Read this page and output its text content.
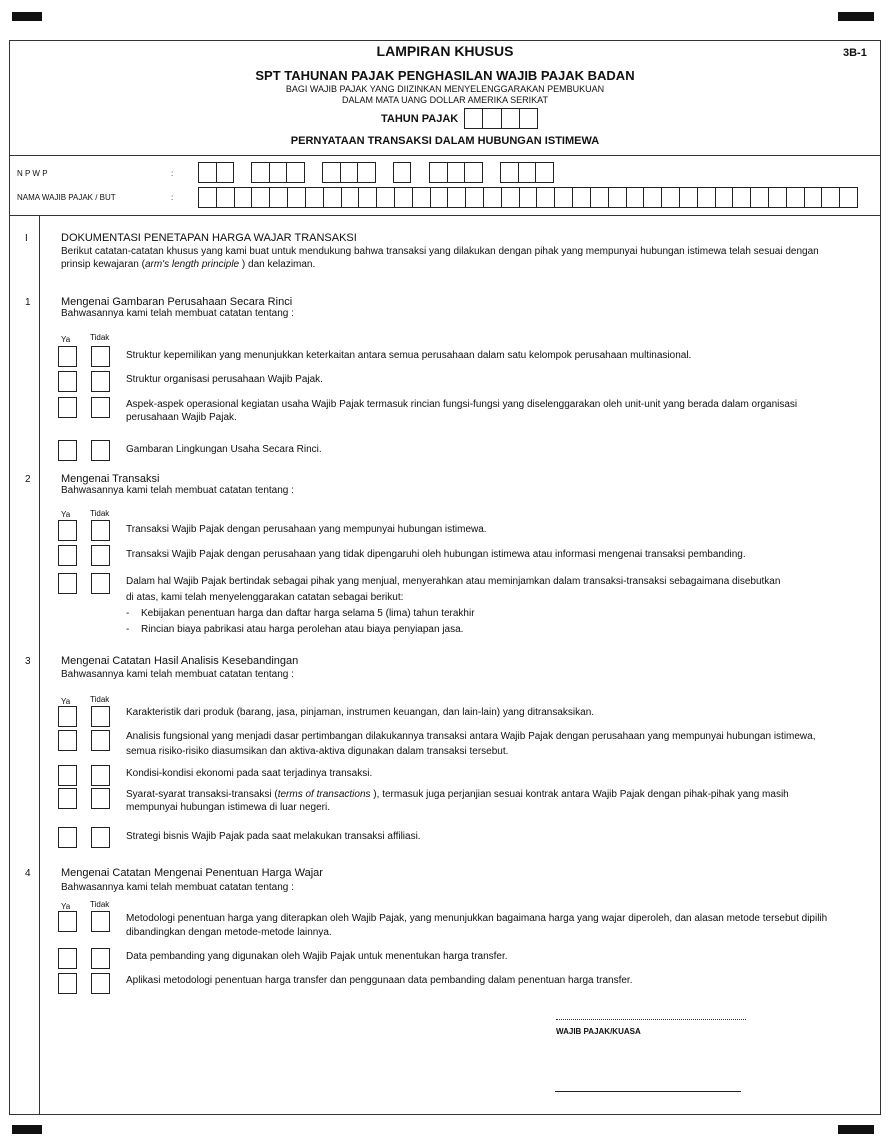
LAMPIRAN KHUSUS	3B-1
SPT TAHUNAN PAJAK PENGHASILAN WAJIB PAJAK BADAN
BAGI WAJIB PAJAK YANG DIIZINKAN MENYELENGGARAKAN PEMBUKUAN
DALAM MATA UANG DOLLAR AMERIKA SERIKAT
TAHUN PAJAK
PERNYATAAN TRANSAKSI DALAM HUBUNGAN ISTIMEWA
N P W P	:
NAMA WAJIB PAJAK / BUT	:
I	DOKUMENTASI PENETAPAN HARGA WAJAR TRANSAKSI
Berikut catatan-catatan khusus yang kami buat untuk mendukung bahwa transaksi yang dilakukan dengan pihak yang mempunyai hubungan istimewa telah sesuai dengan
prinsip kewajaran (arm's length principle ) dan kelaziman.
1	Mengenai Gambaran Perusahaan Secara Rinci
Bahwasannya kami telah membuat catatan tentang :
Ya Tidak
Struktur kepemilikan yang menunjukkan keterkaitan antara semua perusahaan dalam satu kelompok perusahaan multinasional.
Struktur organisasi perusahaan Wajib Pajak.
Aspek-aspek operasional kegiatan usaha Wajib Pajak termasuk rincian fungsi-fungsi yang diselenggarakan oleh unit-unit yang berada dalam organisasi
perusahaan Wajib Pajak.
Gambaran Lingkungan Usaha Secara Rinci.
2	Mengenai Transaksi
Bahwasannya kami telah membuat catatan tentang :
Ya Tidak
Transaksi Wajib Pajak dengan perusahaan yang mempunyai hubungan istimewa.
Transaksi Wajib Pajak dengan perusahaan yang tidak dipengaruhi oleh hubungan istimewa atau informasi mengenai transaksi pembanding.
Dalam hal Wajib Pajak bertindak sebagai pihak yang menjual, menyerahkan atau meminjamkan dalam transaksi-transaksi sebagaimana disebutkan
di atas, kami telah menyelenggarakan catatan sebagai berikut:
- Kebijakan penentuan harga dan daftar harga selama 5 (lima) tahun terakhir
- Rincian biaya pabrikasi atau harga perolehan atau biaya penyiapan jasa.
3	Mengenai Catatan Hasil Analisis Kesebandingan
Bahwasannya kami telah membuat catatan tentang :
Ya Tidak
Karakteristik dari produk (barang, jasa, pinjaman, instrumen keuangan, dan lain-lain) yang ditransaksikan.
Analisis fungsional yang menjadi dasar pertimbangan dilakukannya transaksi antara Wajib Pajak dengan perusahaan yang mempunyai hubungan istimewa,
semua risiko-risiko diasumsikan dan aktiva-aktiva digunakan dalam transaksi tersebut.
Kondisi-kondisi ekonomi pada saat terjadinya transaksi.
Syarat-syarat transaksi-transaksi (terms of transactions ), termasuk juga perjanjian sesuai kontrak antara Wajib Pajak dengan pihak-pihak yang masih
mempunyai hubungan istimewa di luar negeri.
Strategi bisnis Wajib Pajak pada saat melakukan transaksi affiliasi.
4	Mengenai Catatan Mengenai Penentuan Harga Wajar
Bahwasannya kami telah membuat catatan tentang :
Ya Tidak
Metodologi penentuan harga yang diterapkan oleh Wajib Pajak, yang menunjukkan bagaimana harga yang wajar diperoleh, dan alasan metode tersebut dipilih
dibandingkan dengan metode-metode lainnya.
Data pembanding yang digunakan oleh Wajib Pajak untuk menentukan harga transfer.
Aplikasi metodologi penentuan harga transfer dan penggunaan data pembanding dalam penentuan harga transfer.
WAJIB PAJAK/KUASA
